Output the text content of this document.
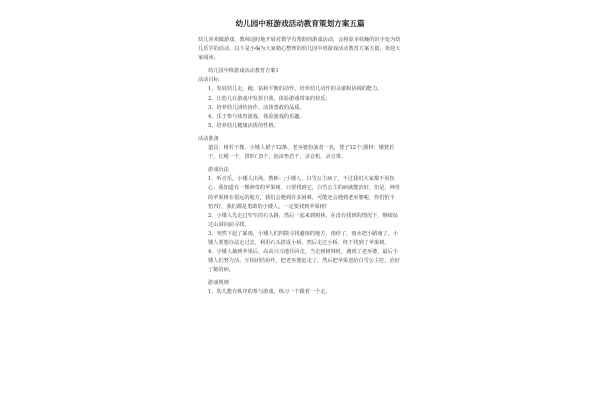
幼儿园中班游戏活动教育策划方案五篇
幼儿喜欢做游戏，教师适时地开展对教学有帮助的游戏活动，会将原本枯燥的识字变为幼儿乐学的活动。以下是小编为大家精心整理的幼儿园中班游戏活动教育方案五篇，欢迎大家阅读。
幼儿园中班游戏活动教育方案1
活动目标
1、发展幼儿走、跑、钻和平衡的动作，培养幼儿动作的灵敏和协调的能力。
2、让幼儿在游戏中发挥自我，体验游戏带来的快乐。
3、培养幼儿团结协作、活泼勇敢的品质。
4、乐于参与体育游戏，体验游戏的乐趣。
5、培养幼儿健康活泼的性格。
活动准备
道具：树若干棵，小矮人裙子12条，老巫婆扮演者一名，凳子12个;器材：矮凳若干，长绳一个，拱形门5个，泡沫垫若干，录音机，录音带。
游戏玩法
1、听音乐，小矮人出场。教师：;小矮人，白雪公主病了，不过我们大家都不用伤心，我知道有一棵神奇的苹果树，只要找到它，白雪公主的病就能治好，但是，神奇的苹果树在很远的地方，我们会遇到许多困难，可能还会遇到老巫婆呢，你们怕不怕?好，我们都是勇敢的小矮人，一定要找到苹果树!
2、小矮人先走过窄窄的石头路，然后一起来到树林，在没有找到的情况下，继续钻过山洞向前寻找。
3、突然下起了暴雨，小矮人们四散寻找避雨的地方，雨停了，雨水把小路淹了，小矮人要想办法走过去，利用石头搭成小桥，然后走过小桥，终于找到了苹果树。
4、小矮人摘到苹果后，高高兴兴地往回走，当走到树林时，遇到了老巫婆，最后小矮人们努力活、互相团结协作，把老巫婆赶走了，然后把苹果送给白雪公主吃，治好了她的病。
游戏规则
1、幼儿能有秩序的参与游戏，练习一个跟着一个走。
